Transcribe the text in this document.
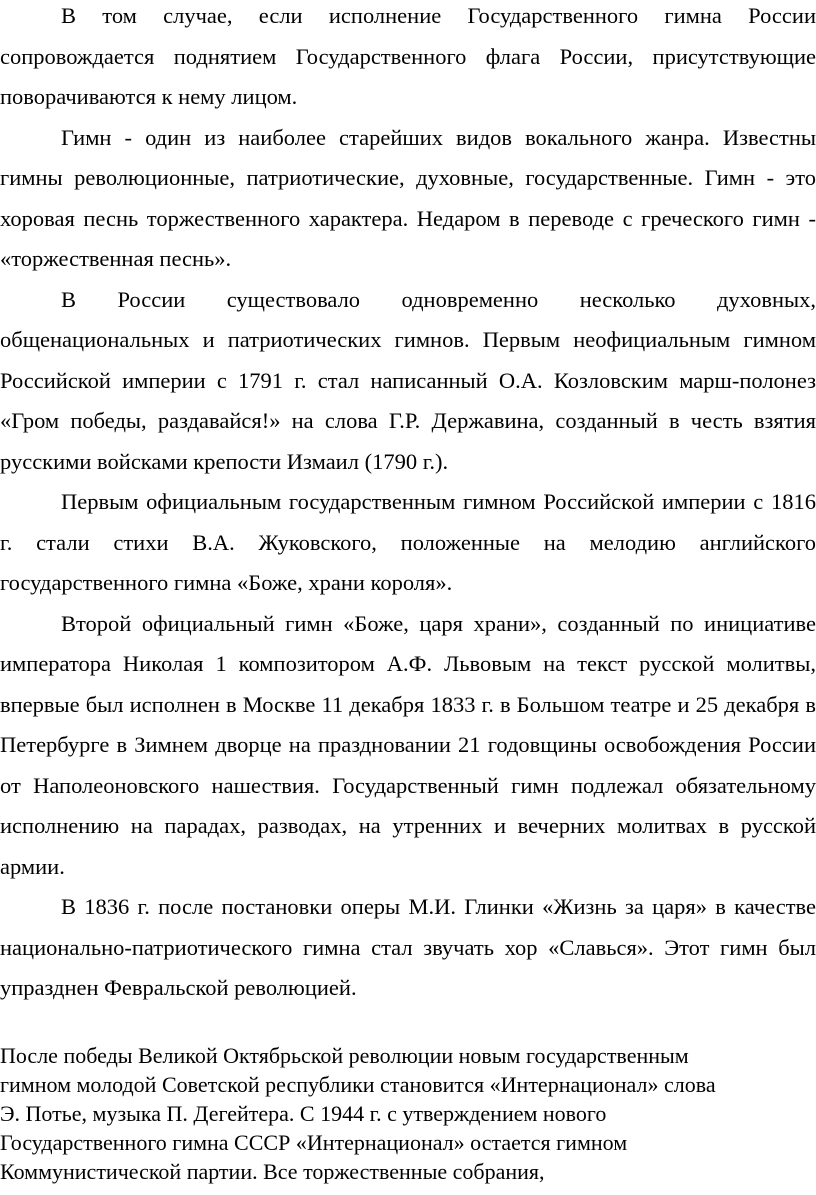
В том случае, если исполнение Государственного гимна России сопровождается поднятием Государственного флага России, присутствующие поворачиваются к нему лицом.

Гимн - один из наиболее старейших видов вокального жанра. Известны гимны революционные, патриотические, духовные, государственные. Гимн - это хоровая песнь торжественного характера. Недаром в переводе с греческого гимн - «торжественная песнь».

В России существовало одновременно несколько духовных, общенациональных и патриотических гимнов. Первым неофициальным гимном Российской империи с 1791 г. стал написанный О.А. Козловским марш-полонез «Гром победы, раздавайся!» на слова Г.Р. Державина, созданный в честь взятия русскими войсками крепости Измаил (1790 г.).

Первым официальным государственным гимном Российской империи с 1816 г. стали стихи В.А. Жуковского, положенные на мелодию английского государственного гимна «Боже, храни короля».

Второй официальный гимн «Боже, царя храни», созданный по инициативе императора Николая 1 композитором А.Ф. Львовым на текст русской молитвы, впервые был исполнен в Москве 11 декабря 1833 г. в Большом театре и 25 декабря в Петербурге в Зимнем дворце на праздновании 21 годовщины освобождения России от Наполеоновского нашествия. Государственный гимн подлежал обязательному исполнению на парадах, разводах, на утренних и вечерних молитвах в русской армии.

В 1836 г. после постановки оперы М.И. Глинки «Жизнь за царя» в качестве национально-патриотического гимна стал звучать хор «Славься». Этот гимн был упразднен Февральской революцией.

После победы Великой Октябрьской революции новым государственным

гимном молодой Советской республики становится «Интернационал» слова

Э. Потье, музыка П. Дегейтера. С 1944 г. с утверждением нового

Государственного гимна СССР «Интернационал» остается гимном

Коммунистической партии. Все торжественные собрания,
